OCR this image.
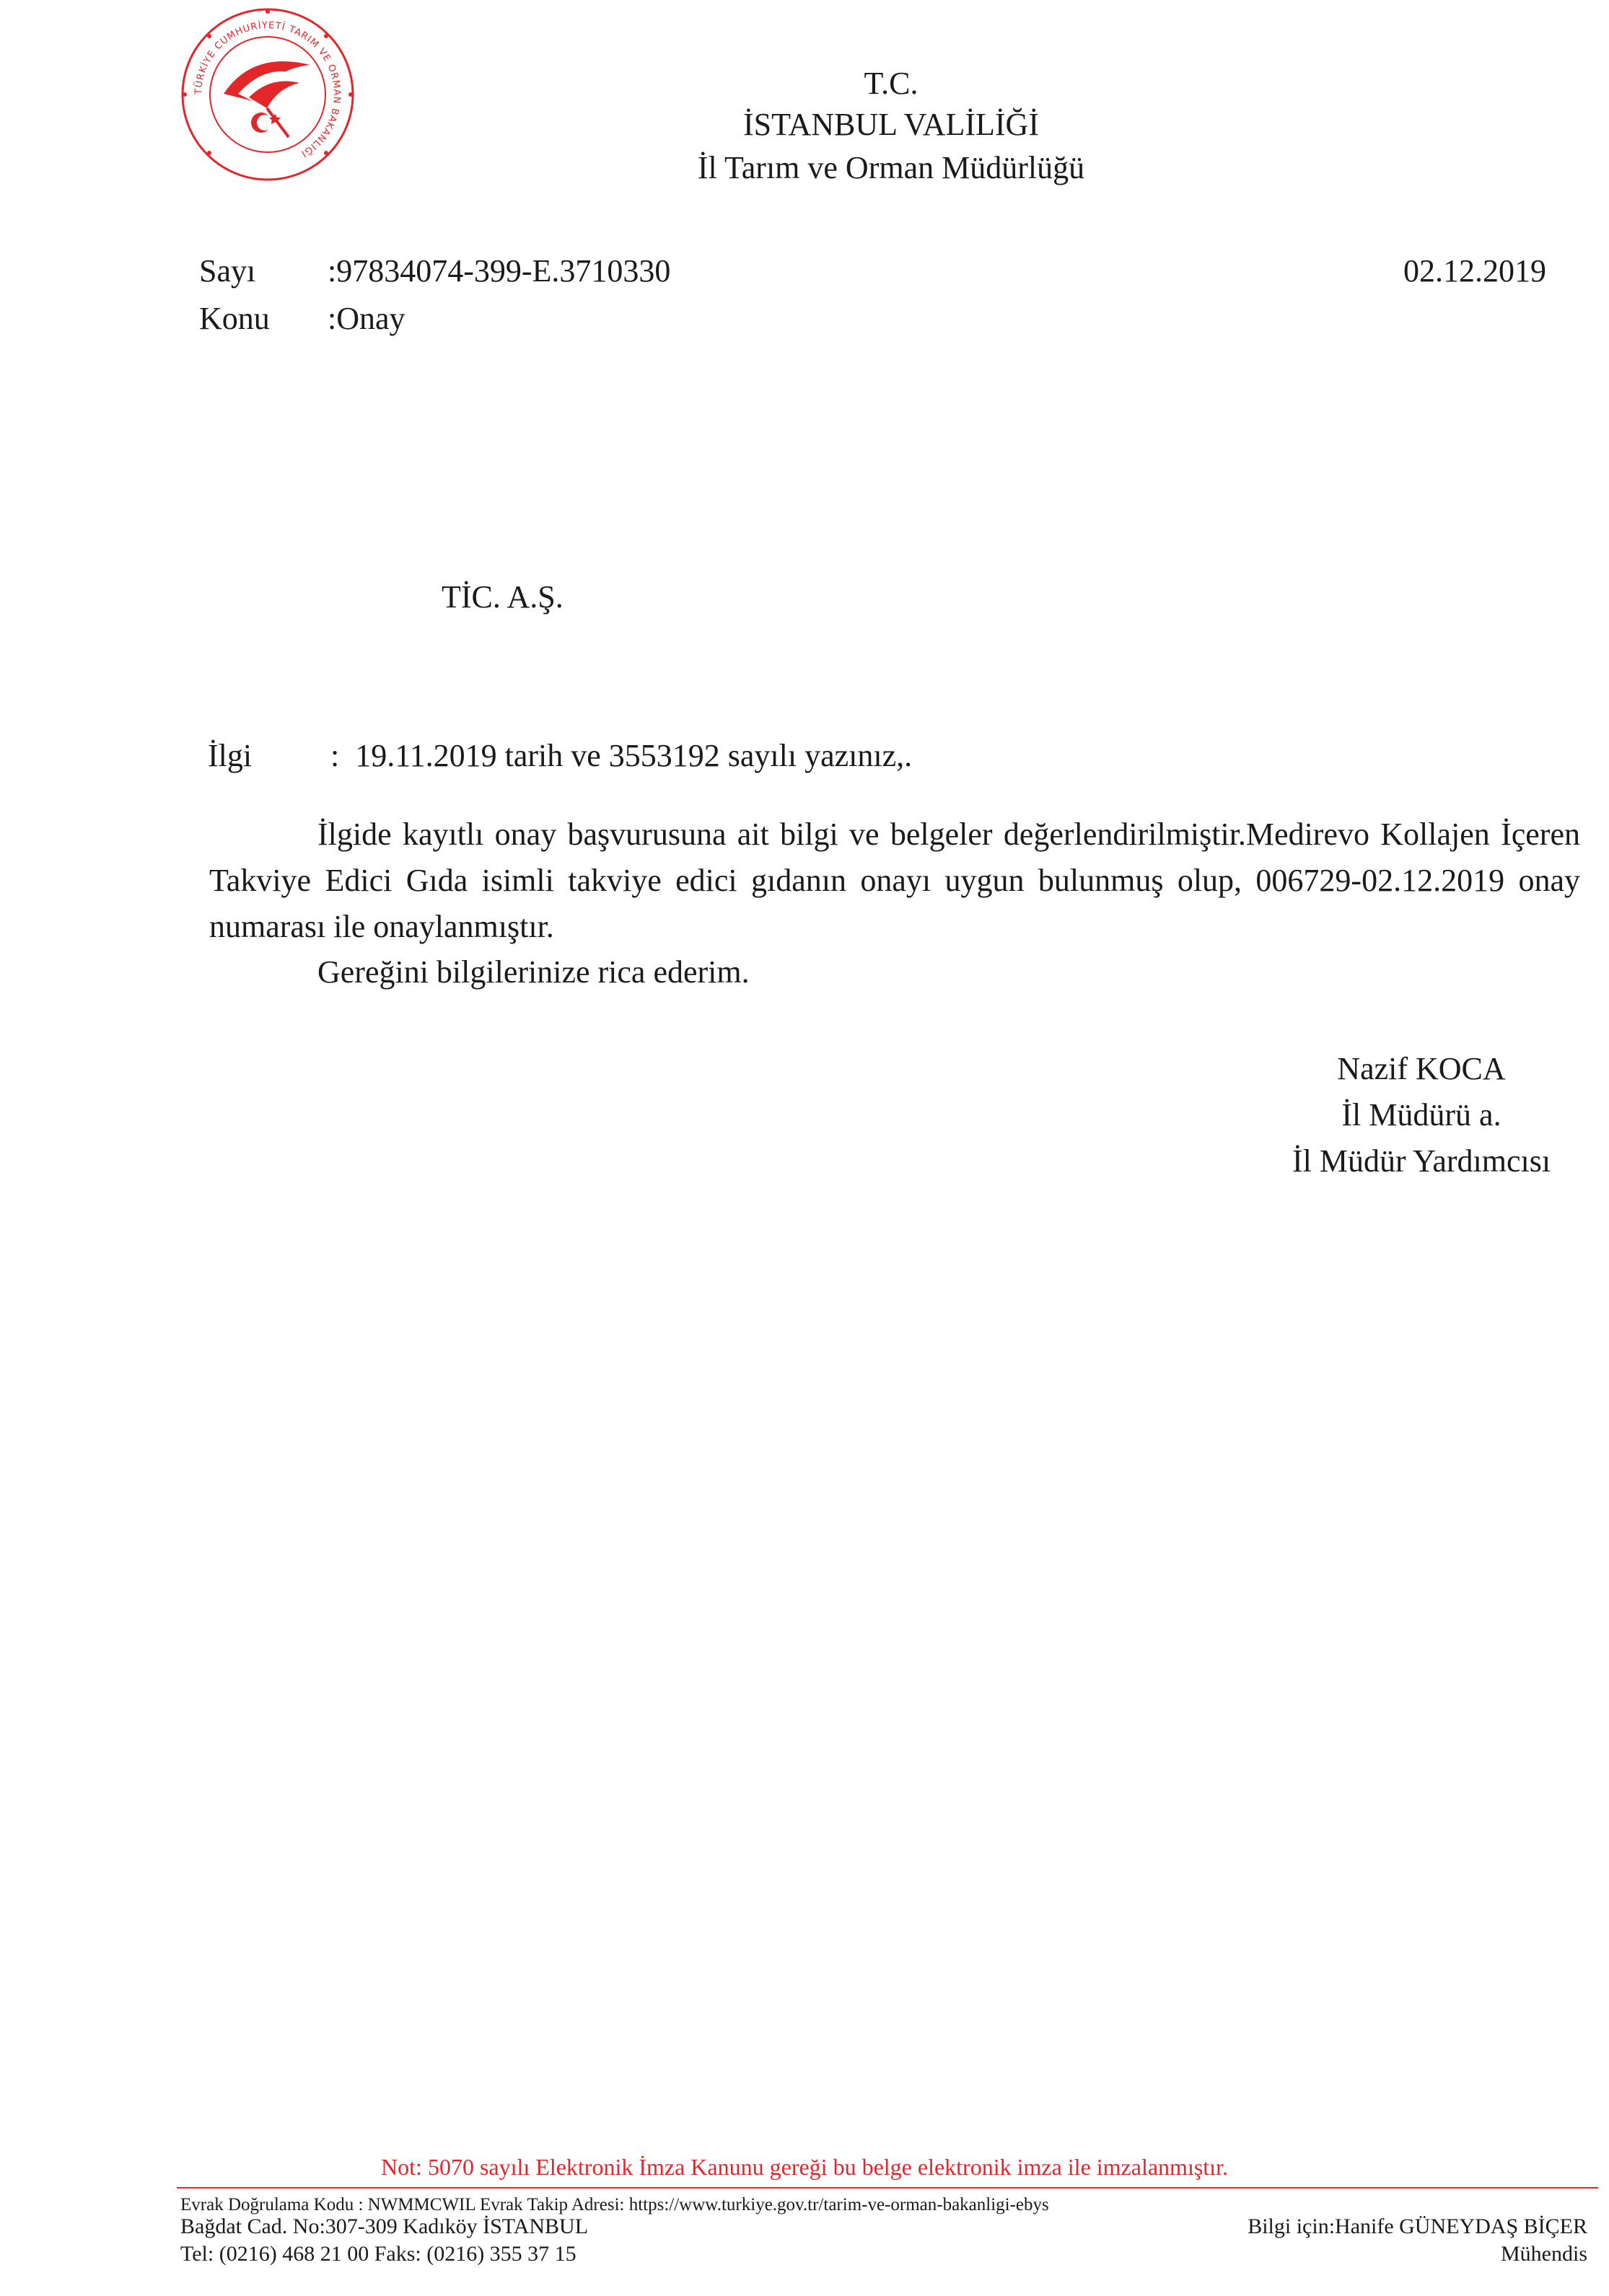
TÜRKİYE CUMHURİYETİ TARIM VE ORMAN BAKANLIĞI
T.C.
İSTANBUL VALİLİĞİ
İl Tarım ve Orman Müdürlüğü
Sayı :97834074-399-E.3710330	02.12.2019
Konu :Onay
TİC. A.Ş.
İlgi :  19.11.2019 tarih ve 3553192 sayılı yazınız,.
İlgide kayıtlı onay başvurusuna ait bilgi ve belgeler değerlendirilmiştir.Medirevo Kollajen İçeren Takviye Edici Gıda isimli takviye edici gıdanın onayı uygun bulunmuş olup, 006729-02.12.2019 onay numarası ile onaylanmıştır.
Gereğini bilgilerinize rica ederim.
Nazif KOCA
İl Müdürü a.
İl Müdür Yardımcısı
Not: 5070 sayılı Elektronik İmza Kanunu gereği bu belge elektronik imza ile imzalanmıştır.
Evrak Doğrulama Kodu : NWMMCWIL Evrak Takip Adresi: https://www.turkiye.gov.tr/tarim-ve-orman-bakanligi-ebys
Bağdat Cad. No:307-309 Kadıköy İSTANBUL
Tel: (0216) 468 21 00 Faks: (0216) 355 37 15
Bilgi için:Hanife GÜNEYDAŞ BİÇER
Mühendis
